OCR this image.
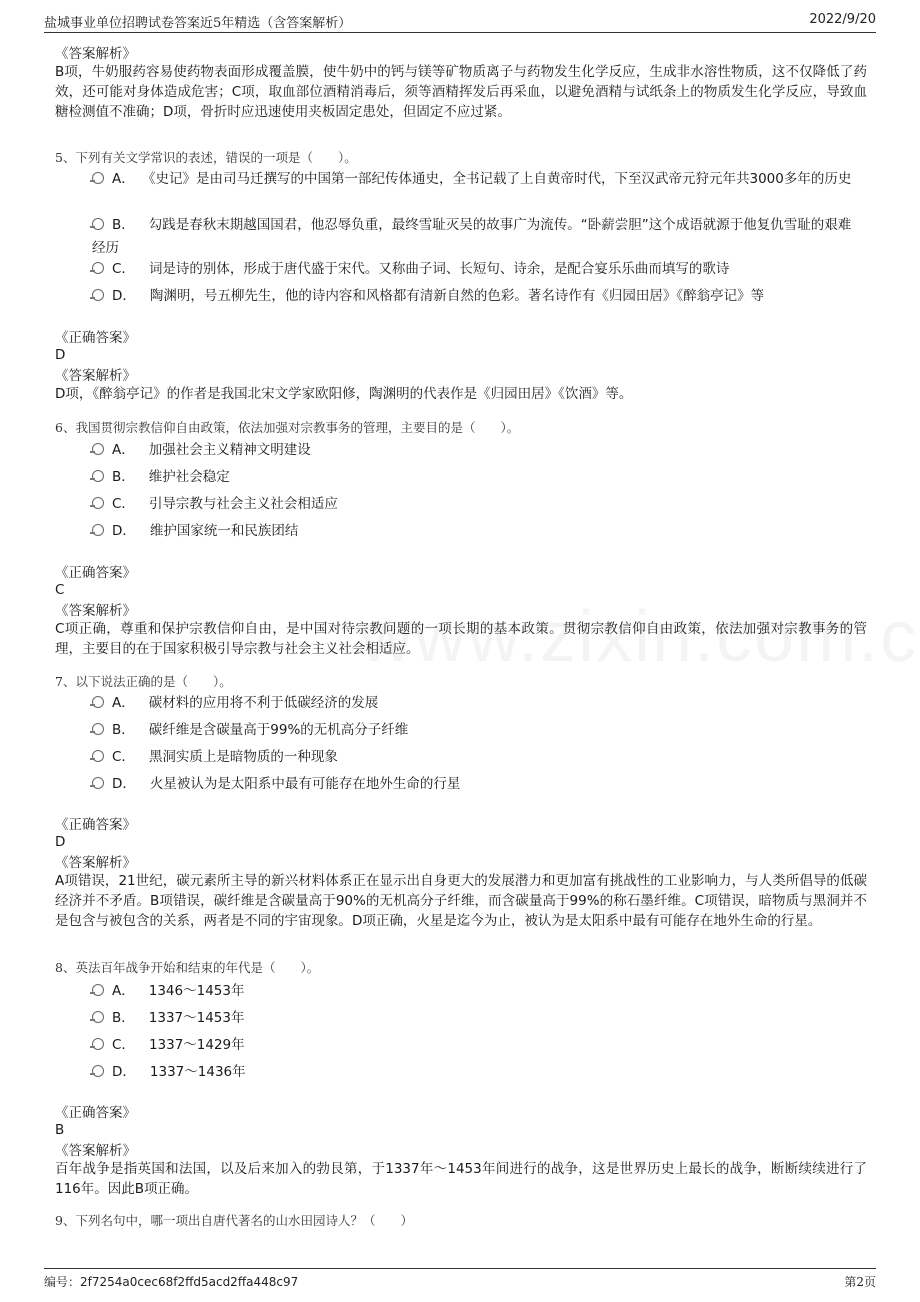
盐城事业单位招聘试卷答案近5年精选（含答案解析）	2022/9/20
《答案解析》
B项，牛奶服药容易使药物表面形成覆盖膜，使牛奶中的钙与镁等矿物质离子与药物发生化学反应，生成非水溶性物质，这不仅降低了药效，还可能对身体造成危害；C项，取血部位酒精消毒后，须等酒精挥发后再采血，以避免酒精与试纸条上的物质发生化学反应，导致血糖检测值不准确；D项，骨折时应迅速使用夹板固定患处，但固定不应过紧。
5、下列有关文学常识的表述，错误的一项是（　　）。
A． 《史记》是由司马迁撰写的中国第一部纪传体通史，全书记载了上自黄帝时代，下至汉武帝元狩元年共3000多年的历史
B． 勾践是春秋末期越国国君，他忍辱负重，最终雪耻灭吴的故事广为流传。“卧薪尝胆”这个成语就源于他复仇雪耻的艰难经历
C． 词是诗的别体，形成于唐代盛于宋代。又称曲子词、长短句、诗余，是配合宴乐乐曲而填写的歌诗
D． 陶渊明，号五柳先生，他的诗内容和风格都有清新自然的色彩。著名诗作有《归园田居》《醉翁亭记》等
《正确答案》
D
《答案解析》
D项，《醉翁亭记》的作者是我国北宋文学家欧阳修，陶渊明的代表作是《归园田居》《饮酒》等。
6、我国贯彻宗教信仰自由政策，依法加强对宗教事务的管理，主要目的是（　　）。
A． 加强社会主义精神文明建设
B． 维护社会稳定
C． 引导宗教与社会主义社会相适应
D． 维护国家统一和民族团结
《正确答案》
C
《答案解析》
C项正确，尊重和保护宗教信仰自由，是中国对待宗教问题的一项长期的基本政策。贯彻宗教信仰自由政策，依法加强对宗教事务的管理，主要目的在于国家积极引导宗教与社会主义社会相适应。
7、以下说法正确的是（　　）。
A． 碳材料的应用将不利于低碳经济的发展
B． 碳纤维是含碳量高于99%的无机高分子纤维
C． 黑洞实质上是暗物质的一种现象
D． 火星被认为是太阳系中最有可能存在地外生命的行星
《正确答案》
D
《答案解析》
A项错误，21世纪，碳元素所主导的新兴材料体系正在显示出自身更大的发展潜力和更加富有挑战性的工业影响力，与人类所倡导的低碳经济并不矛盾。B项错误，碳纤维是含碳量高于90%的无机高分子纤维，而含碳量高于99%的称石墨纤维。C项错误，暗物质与黑洞并不是包含与被包含的关系，两者是不同的宇宙现象。D项正确，火星是迄今为止，被认为是太阳系中最有可能存在地外生命的行星。
8、英法百年战争开始和结束的年代是（　　）。
A． 1346～1453年
B． 1337～1453年
C． 1337～1429年
D． 1337～1436年
《正确答案》
B
《答案解析》
百年战争是指英国和法国，以及后来加入的勃艮第，于1337年～1453年间进行的战争，这是世界历史上最长的战争，断断续续进行了116年。因此B项正确。
9、下列名句中，哪一项出自唐代著名的山水田园诗人？（　　）
编号：2f7254a0cec68f2ffd5acd2ffa448c97	第2页
